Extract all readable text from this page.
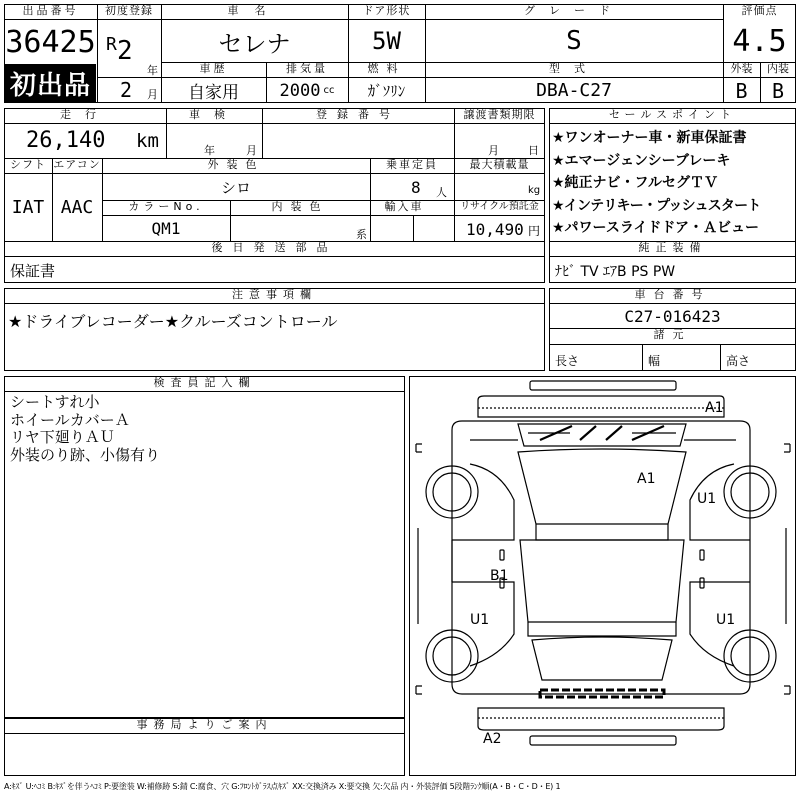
出品番号
36425
初出品
初度登録
R 2
年
2 月
車名
セレナ
ドア形状
5W
グレード
S
評価点
4.5
外装	内装
B	B
車歴
自家用
排気量
2000 cc
燃料
ｶﾞｿﾘﾝ
型式
DBA-C27
走行
26,140 km
車検
年	月
登録番号	譲渡書類期限
月	日
シフト
IAT
エアコン
AAC
外装色
シロ
乗車定員
8 人
最大積載量
kg
カラーNo.
QM1
内装色
系
輸入車	リサイクル預託金
10,490 円
後日発送部品
保証書
セールスポイント
★ワンオーナー車・新車保証書
★エマージェンシーブレーキ
★純正ナビ・フルセグＴＶ
★インテリキー・プッシュスタート
★パワースライドドア・Ａビュー
純正装備
ﾅﾋﾞ TV ｴｱB PS PW
注意事項欄
★ドライブレコーダー★クルーズコントロール
車台番号
C27-016423
諸元
長さ	幅	高さ
検査員記入欄
シートすれ小
ホイールカバーＡ
リヤ下廻りＡＵ
外装のり跡、小傷有り
事務局よりご案内
A1
A1
U1
B1
U1	U1
A2
A:ｷｽﾞ U:ﾍｺﾐ B:ｷｽﾞを伴うﾍｺﾐ P:要塗装 W:補修跡 S:錆 C:腐食、穴 G:ﾌﾛﾝﾄｶﾞﾗｽ点ｷｽﾞ XX:交換済み X:要交換 欠:欠品 内・外装評価 5段階ﾗﾝｸ順(A・B・C・D・E) 1
